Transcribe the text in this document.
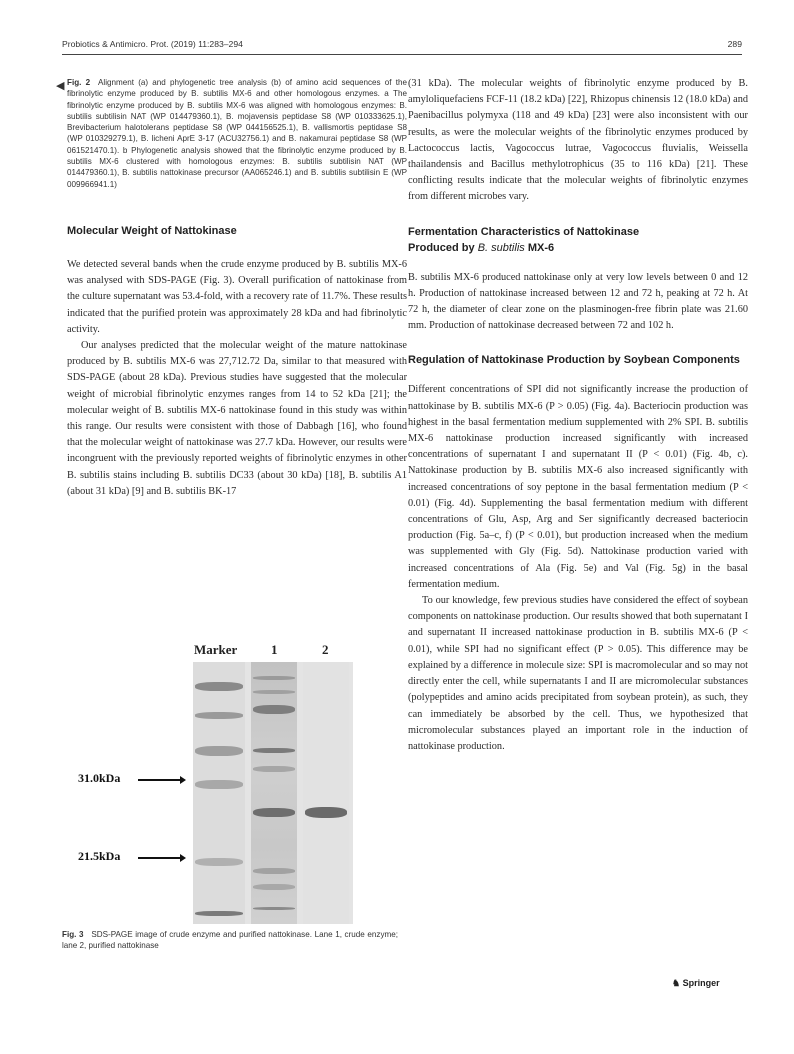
Probiotics & Antimicro. Prot. (2019) 11:283–294	289
◀ Fig. 2 Alignment (a) and phylogenetic tree analysis (b) of amino acid sequences of the fibrinolytic enzyme produced by B. subtilis MX-6 and other homologous enzymes. a The fibrinolytic enzyme produced by B. subtilis MX-6 was aligned with homologous enzymes: B. subtilis subtilisin NAT (WP 014479360.1), B. mojavensis peptidase S8 (WP 010333625.1), Brevibacterium halotolerans peptidase S8 (WP 044156525.1), B. vallismortis peptidase S8 (WP 010329279.1), B. licheni AprE 3-17 (ACU32756.1) and B. nakamurai peptidase S8 (WP 061521470.1). b Phylogenetic analysis showed that the fibrinolytic enzyme produced by B. subtilis MX-6 clustered with homologous enzymes: B. subtilis subtilisin NAT (WP 014479360.1), B. subtilis nattokinase precursor (AA065246.1) and B. subtilis subtilisin E (WP 009966941.1)
Molecular Weight of Nattokinase

We detected several bands when the crude enzyme produced by B. subtilis MX-6 was analysed with SDS-PAGE (Fig. 3). Overall purification of nattokinase from the culture supernatant was 53.4-fold, with a recovery rate of 11.7%. These results indicated that the purified protein was approximately 28 kDa and had fibrinolytic activity.

Our analyses predicted that the molecular weight of the mature nattokinase produced by B. subtilis MX-6 was 27,712.72 Da, similar to that measured with SDS-PAGE (about 28 kDa). Previous studies have suggested that the molecular weight of microbial fibrinolytic enzymes ranges from 14 to 52 kDa [21]; the molecular weight of B. subtilis MX-6 nattokinase found in this study was within this range. Our results were consistent with those of Dabbagh [16], who found that the molecular weight of nattokinase was 27.7 kDa. However, our results were incongruent with the previously reported weights of fibrinolytic enzymes in other B. subtilis stains including B. subtilis DC33 (about 30 kDa) [18], B. subtilis A1 (about 31 kDa) [9] and B. subtilis BK-17

Marker	1	2
31.0kDa
21.5kDa
Fig. 3 SDS-PAGE image of crude enzyme and purified nattokinase. Lane 1, crude enzyme; lane 2, purified nattokinase

(31 kDa). The molecular weights of fibrinolytic enzyme produced by B. amyloliquefaciens FCF-11 (18.2 kDa) [22], Rhizopus chinensis 12 (18.0 kDa) and Paenibacillus polymyxa (118 and 49 kDa) [23] were also inconsistent with our results, as were the molecular weights of the fibrinolytic enzymes produced by Lactococcus lactis, Vagococcus lutrae, Vagococcus fluvialis, Weissella thailandensis and Bacillus methylotrophicus (35 to 116 kDa) [21]. These conflicting results indicate that the molecular weights of fibrinolytic enzymes from different microbes vary.

Fermentation Characteristics of Nattokinase
Produced by B. subtilis MX-6

B. subtilis MX-6 produced nattokinase only at very low levels between 0 and 12 h. Production of nattokinase increased between 12 and 72 h, peaking at 72 h. At 72 h, the diameter of clear zone on the plasminogen-free fibrin plate was 21.60 mm. Production of nattokinase decreased between 72 and 102 h.

Regulation of Nattokinase Production by Soybean Components

Different concentrations of SPI did not significantly increase the production of nattokinase by B. subtilis MX-6 (P > 0.05) (Fig. 4a). Bacteriocin production was highest in the basal fermentation medium supplemented with 2% SPI. B. subtilis MX-6 nattokinase production increased significantly with increased concentrations of supernatant I and supernatant II (P < 0.01) (Fig. 4b, c). Nattokinase production by B. subtilis MX-6 also increased significantly with increased concentrations of soy peptone in the basal fermentation medium (P < 0.01) (Fig. 4d). Supplementing the basal fermentation medium with different concentrations of Glu, Asp, Arg and Ser significantly decreased bacteriocin production (Fig. 5a–c, f) (P < 0.01), but production increased when the medium was supplemented with Gly (Fig. 5d). Nattokinase production varied with increased concentrations of Ala (Fig. 5e) and Val (Fig. 5g) in the basal fermentation medium.

To our knowledge, few previous studies have considered the effect of soybean components on nattokinase production. Our results showed that both supernatant I and supernatant II increased nattokinase production in B. subtilis MX-6 (P < 0.01), while SPI had no significant effect (P > 0.05). This difference may be explained by a difference in molecule size: SPI is macromolecular and so may not directly enter the cell, while supernatants I and II are micromolecular substances (polypeptides and amino acids precipitated from soybean protein), as such, they can immediately be absorbed by the cell. Thus, we hypothesized that micromolecular substances played an important role in the induction of nattokinase production.

♞ Springer
